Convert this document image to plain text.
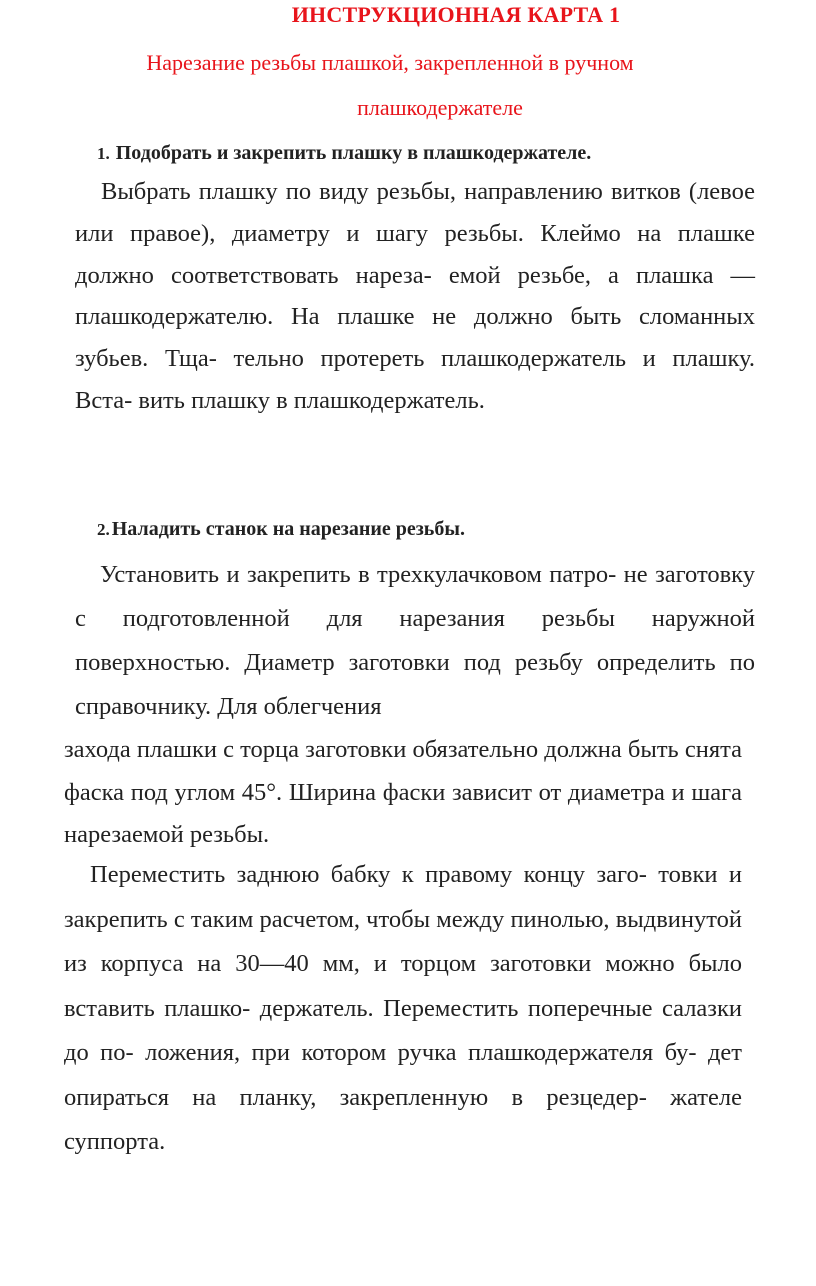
ИНСТРУКЦИОННАЯ КАРТА 1
Нарезание резьбы плашкой, закрепленной в ручном
плашкодержателе
1. Подобрать и закрепить плашку в плашкодержателе.

Выбрать плашку по виду резьбы, направлению витков (левое или правое), диаметру и шагу резьбы. Клеймо на плашке должно соответствовать нареза- емой резьбе, а плашка — плашкодержателю. На плашке не должно быть сломанных зубьев. Тща- тельно протереть плашкодержатель и плашку. Вста- вить плашку в плашкодержатель.

2. Наладить станок на нарезание резьбы.

Установить и закрепить в трехкулачковом патро- не заготовку с подготовленной для нарезания резьбы наружной поверхностью. Диаметр заготовки под резьбу определить по справочнику. Для облегчения

захода плашки с торца заготовки обязательно должна быть снята фаска под углом 45°. Ширина фаски зависит от диаметра и шага нарезаемой резьбы.

Переместить заднюю бабку к правому концу заго- товки и закрепить с таким расчетом, чтобы между пинолью, выдвинутой из корпуса на 30—40 мм, и торцом заготовки можно было вставить плашко- держатель. Переместить поперечные салазки до по- ложения, при котором ручка плашкодержателя бу- дет опираться на планку, закрепленную в резцедер- жателе суппорта.
